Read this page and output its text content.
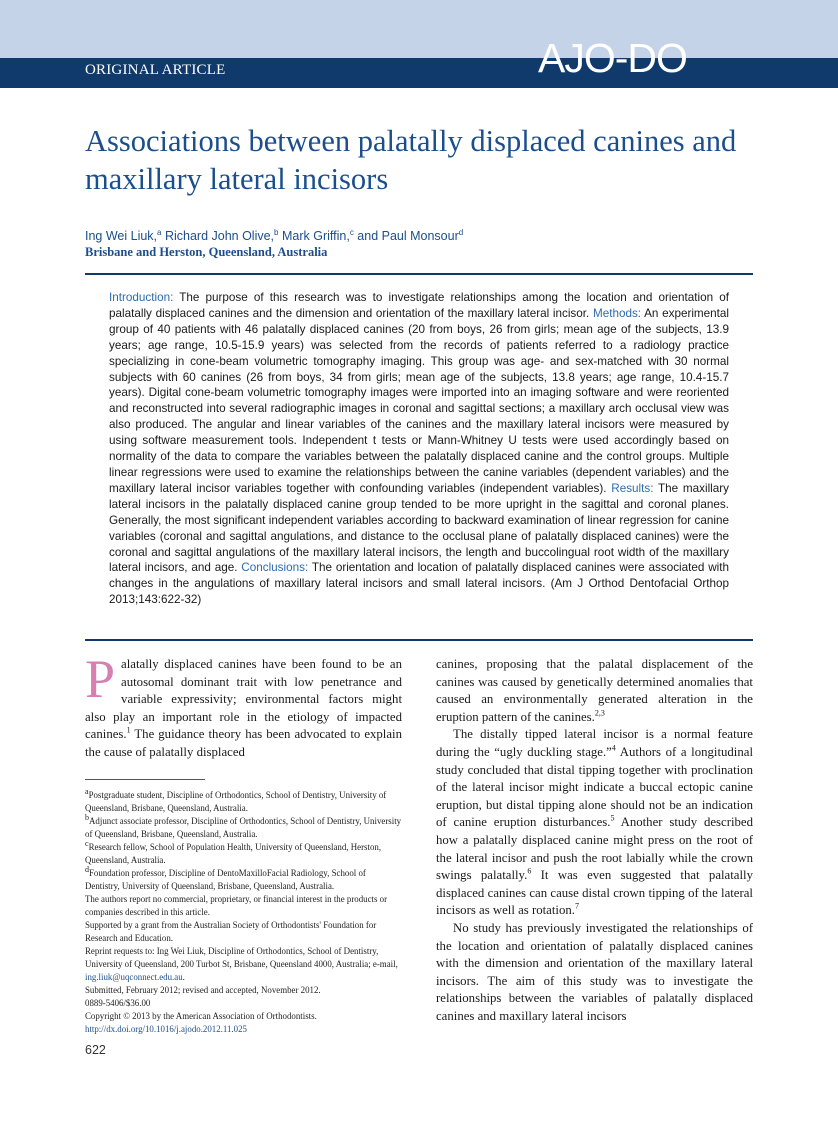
ORIGINAL ARTICLE	AJO-DO
Associations between palatally displaced canines and maxillary lateral incisors
Ing Wei Liuk,$^a$ Richard John Olive,$^b$ Mark Griffin,$^c$ and Paul Monsour$^d$
Brisbane and Herston, Queensland, Australia
Introduction: The purpose of this research was to investigate relationships among the location and orientation of palatally displaced canines and the dimension and orientation of the maxillary lateral incisor. Methods: An experimental group of 40 patients with 46 palatally displaced canines (20 from boys, 26 from girls; mean age of the subjects, 13.9 years; age range, 10.5-15.9 years) was selected from the records of patients referred to a radiology practice specializing in cone-beam volumetric tomography imaging. This group was age- and sex-matched with 30 normal subjects with 60 canines (26 from boys, 34 from girls; mean age of the subjects, 13.8 years; age range, 10.4-15.7 years). Digital cone-beam volumetric tomography images were imported into an imaging software and were reoriented and reconstructed into several radiographic images in coronal and sagittal sections; a maxillary arch occlusal view was also produced. The angular and linear variables of the canines and the maxillary lateral incisors were measured by using software measurement tools. Independent t tests or Mann-Whitney U tests were used accordingly based on normality of the data to compare the variables between the palatally displaced canine and the control groups. Multiple linear regressions were used to examine the relationships between the canine variables (dependent variables) and the maxillary lateral incisor variables together with confounding variables (independent variables). Results: The maxillary lateral incisors in the palatally displaced canine group tended to be more upright in the sagittal and coronal planes. Generally, the most significant independent variables according to backward examination of linear regression for canine variables (coronal and sagittal angulations, and distance to the occlusal plane of palatally displaced canines) were the coronal and sagittal angulations of the maxillary lateral incisors, the length and buccolingual root width of the maxillary lateral incisors, and age. Conclusions: The orientation and location of palatally displaced canines were associated with changes in the angulations of maxillary lateral incisors and small lateral incisors. (Am J Orthod Dentofacial Orthop 2013;143:622-32)

Palatally displaced canines have been found to be an autosomal dominant trait with low penetrance and variable expressivity; environmental factors might also play an important role in the etiology of impacted canines.$^1$ The guidance theory has been advocated to explain the cause of palatally displaced

$^a$Postgraduate student, Discipline of Orthodontics, School of Dentistry, University of Queensland, Brisbane, Queensland, Australia.

$^b$Adjunct associate professor, Discipline of Orthodontics, School of Dentistry, University of Queensland, Brisbane, Queensland, Australia.

$^c$Research fellow, School of Population Health, University of Queensland, Herston, Queensland, Australia.

$^d$Foundation professor, Discipline of DentoMaxilloFacial Radiology, School of Dentistry, University of Queensland, Brisbane, Queensland, Australia.

The authors report no commercial, proprietary, or financial interest in the products or companies described in this article.

Supported by a grant from the Australian Society of Orthodontists' Foundation for Research and Education.

Reprint requests to: Ing Wei Liuk, Discipline of Orthodontics, School of Dentistry, University of Queensland, 200 Turbot St, Brisbane, Queensland 4000, Australia; e-mail, ing.liuk@uqconnect.edu.au.

Submitted, February 2012; revised and accepted, November 2012.

0889-5406/$36.00

Copyright © 2013 by the American Association of Orthodontists.

http://dx.doi.org/10.1016/j.ajodo.2012.11.025

canines, proposing that the palatal displacement of the canines was caused by genetically determined anomalies that caused an environmentally generated alteration in the eruption pattern of the canines.$^{2,3}$

The distally tipped lateral incisor is a normal feature during the “ugly duckling stage.”$^4$ Authors of a longitudinal study concluded that distal tipping together with proclination of the lateral incisor might indicate a buccal ectopic canine eruption, but distal tipping alone should not be an indication of canine eruption disturbances.$^5$ Another study described how a palatally displaced canine might press on the root of the lateral incisor and push the root labially while the crown swings palatally.$^6$ It was even suggested that palatally displaced canines can cause distal crown tipping of the lateral incisors as well as rotation.$^7$

No study has previously investigated the relationships of the location and orientation of palatally displaced canines with the dimension and orientation of the maxillary lateral incisors. The aim of this study was to investigate the relationships between the variables of palatally displaced canines and maxillary lateral incisors

622
